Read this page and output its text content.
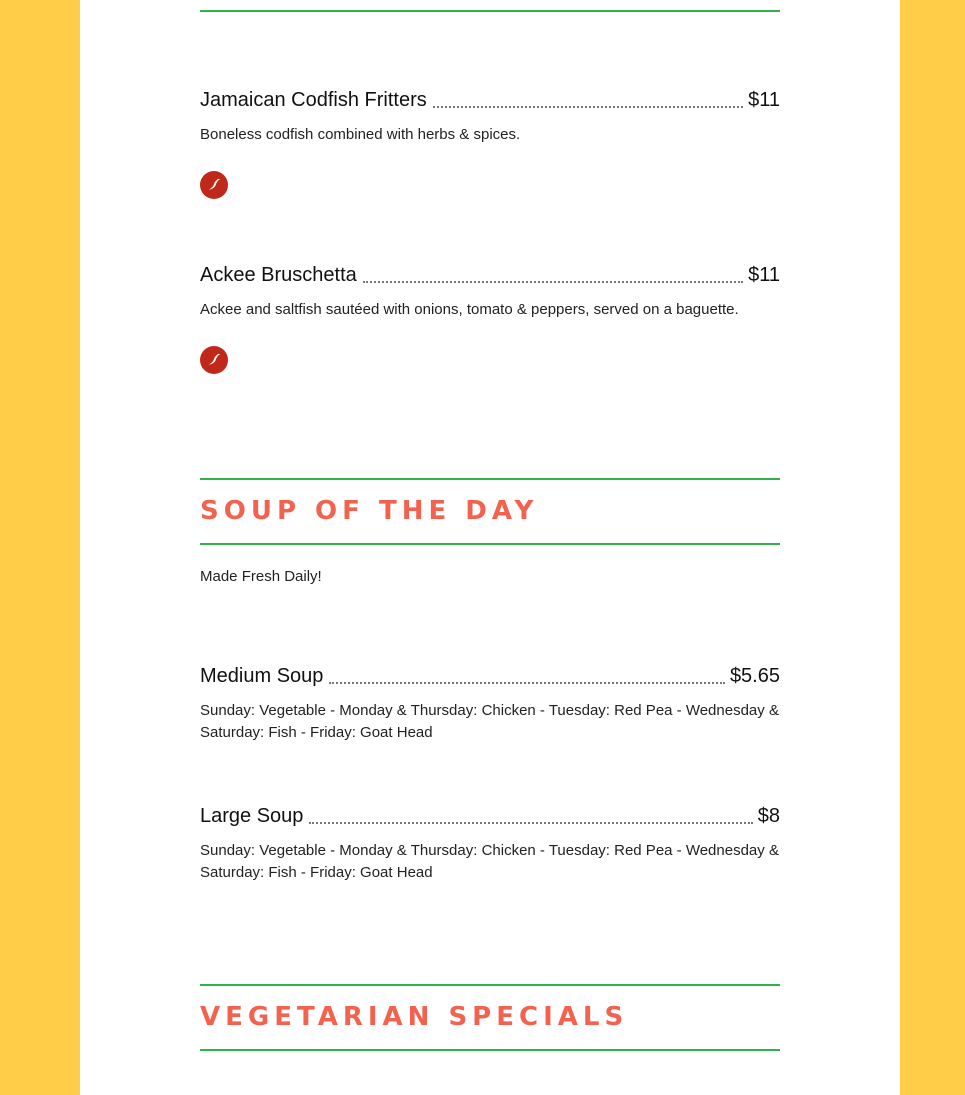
Jamaican Codfish Fritters	$11
Boneless codfish combined with herbs & spices.
Ackee Bruschetta	$11
Ackee and saltfish sautéed with onions, tomato & peppers, served on a baguette.
SOUP OF THE DAY
Made Fresh Daily!
Medium Soup	$5.65
Sunday: Vegetable - Monday & Thursday: Chicken - Tuesday: Red Pea - Wednesday & Saturday: Fish - Friday: Goat Head
Large Soup	$8
Sunday: Vegetable - Monday & Thursday: Chicken - Tuesday: Red Pea - Wednesday & Saturday: Fish - Friday: Goat Head
VEGETARIAN SPECIALS
